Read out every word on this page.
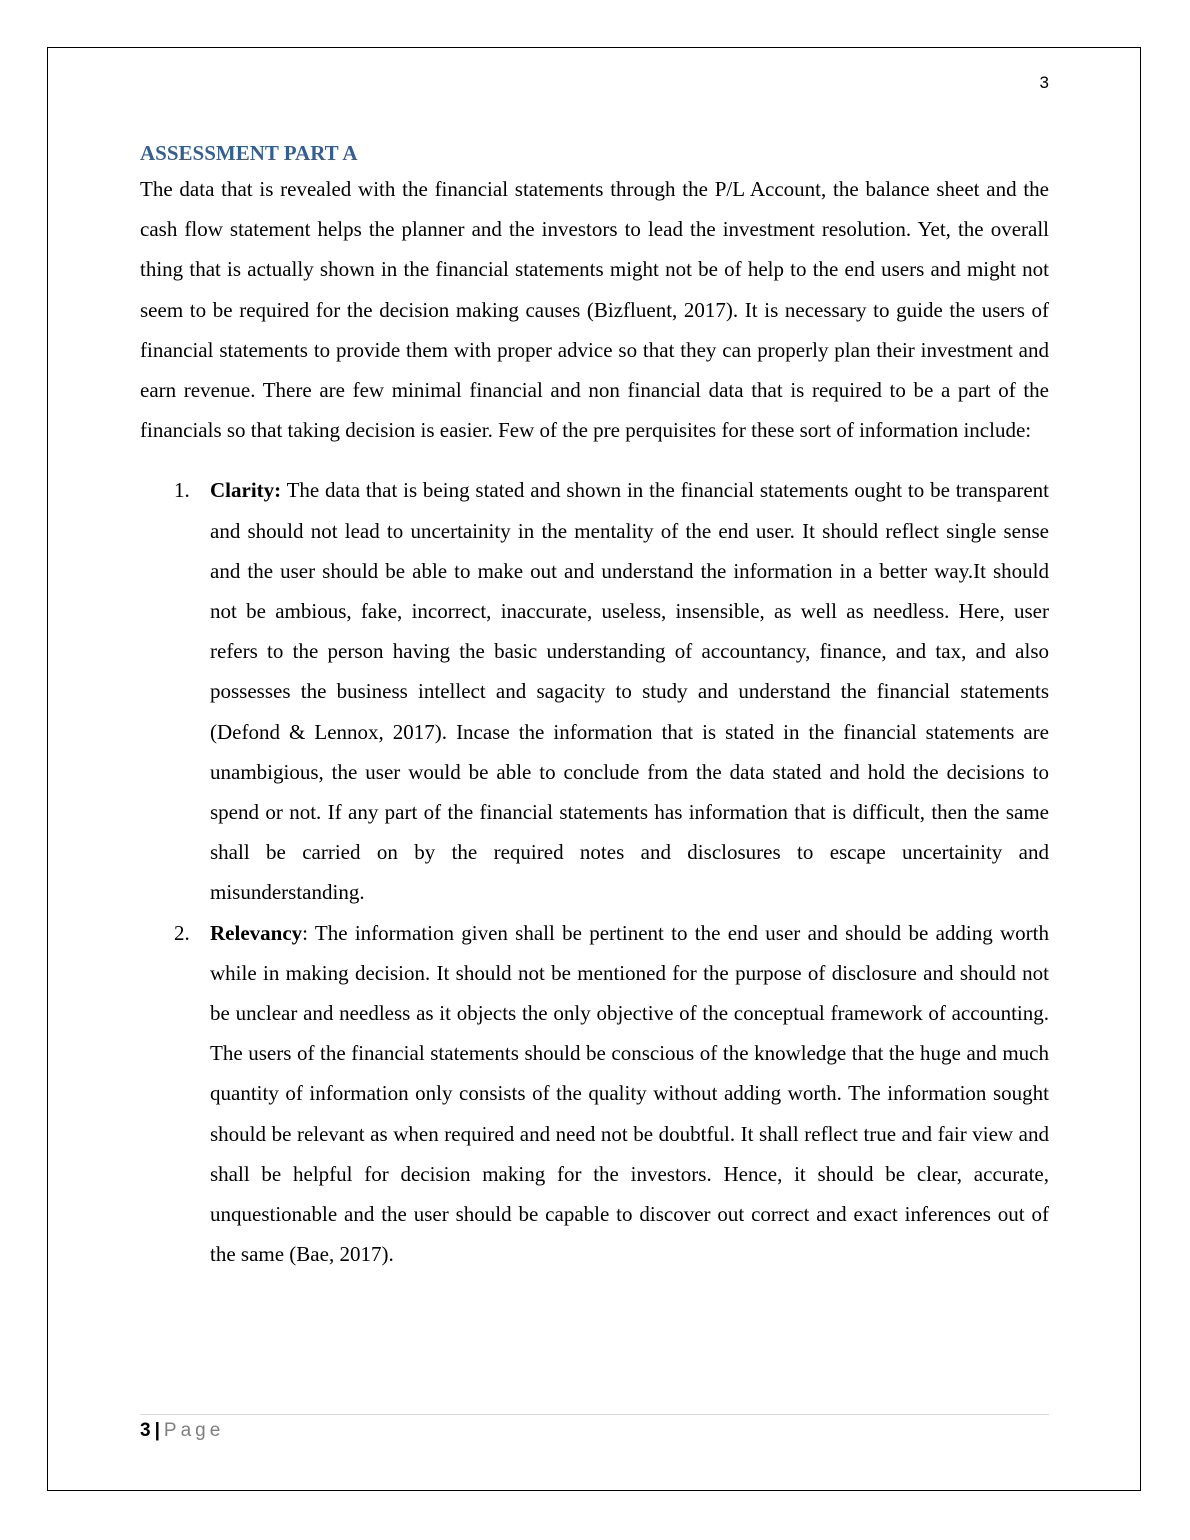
3
ASSESSMENT PART A

The data that is revealed with the financial statements through the P/L Account, the balance sheet and the cash flow statement helps the planner and the investors to lead the investment resolution. Yet, the overall thing that is actually shown in the financial statements might not be of help to the end users and might not seem to be required for the decision making causes (Bizfluent, 2017). It is necessary to guide the users of financial statements to provide them with proper advice so that they can properly plan their investment and earn revenue. There are few minimal financial and non financial data that is required to be a part of the financials so that taking decision is easier. Few of the pre perquisites for these sort of information include:

1. Clarity: The data that is being stated and shown in the financial statements ought to be transparent and should not lead to uncertainity in the mentality of the end user. It should reflect single sense and the user should be able to make out and understand the information in a better way.It should not be ambious, fake, incorrect, inaccurate, useless, insensible, as well as needless. Here, user refers to the person having the basic understanding of accountancy, finance, and tax, and also possesses the business intellect and sagacity to study and understand the financial statements (Defond & Lennox, 2017). Incase the information that is stated in the financial statements are unambigious, the user would be able to conclude from the data stated and hold the decisions to spend or not. If any part of the financial statements has information that is difficult, then the same shall be carried on by the required notes and disclosures to escape uncertainity and misunderstanding.
2. Relevancy: The information given shall be pertinent to the end user and should be adding worth while in making decision. It should not be mentioned for the purpose of disclosure and should not be unclear and needless as it objects the only objective of the conceptual framework of accounting. The users of the financial statements should be conscious of the knowledge that the huge and much quantity of information only consists of the quality without adding worth. The information sought should be relevant as when required and need not be doubtful. It shall reflect true and fair view and shall be helpful for decision making for the investors. Hence, it should be clear, accurate, unquestionable and the user should be capable to discover out correct and exact inferences out of the same (Bae, 2017).
3 | Page
